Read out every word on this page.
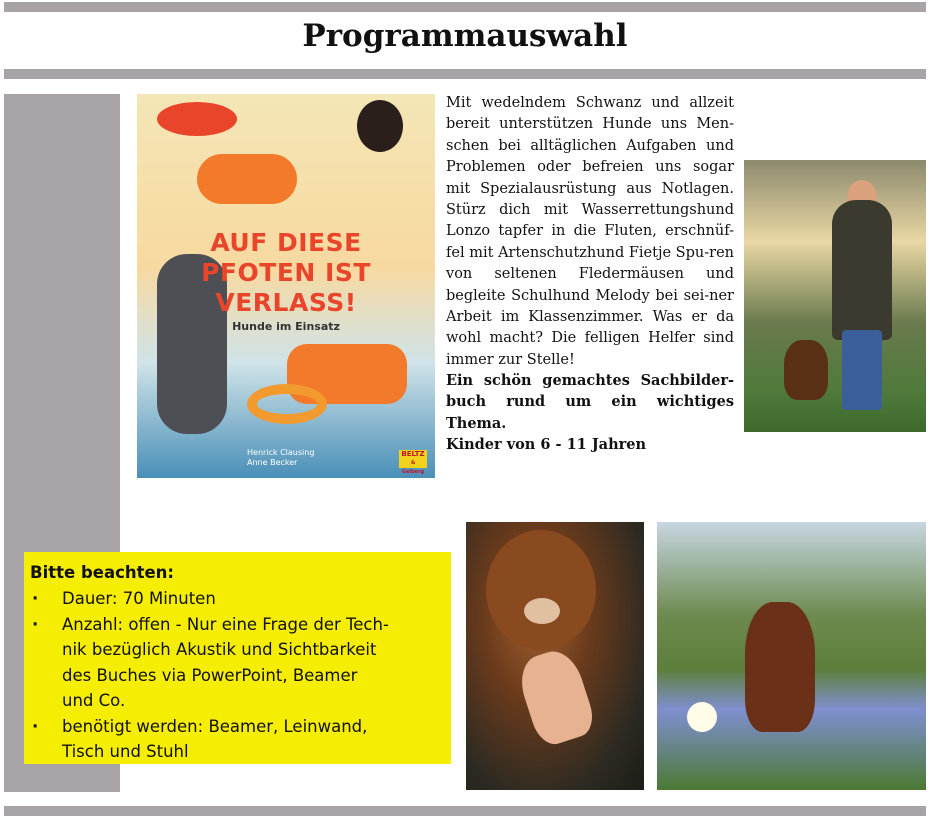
Programmauswahl
AUF DIESE
PFOTEN IST
VERLASS!
Hunde im Einsatz
Henrick Clausing
Anne Becker
BELTZ
& Gelberg

Mit wedelndem Schwanz und allzeit bereit unterstützen Hunde uns Men-schen bei alltäglichen Aufgaben und Problemen oder befreien uns sogar mit Spezialausrüstung aus Notlagen. Stürz dich mit Wasserrettungshund Lonzo tapfer in die Fluten, erschnüf-fel mit Artenschutzhund Fietje Spu-ren von seltenen Fledermäusen und begleite Schulhund Melody bei sei-ner Arbeit im Klassenzimmer. Was er da wohl macht? Die felligen Helfer sind immer zur Stelle!

Ein schön gemachtes Sachbilder-buch rund um ein wichtiges Thema.

Kinder von 6 - 11 Jahren

Bitte beachten:

· Dauer: 70 Minuten
· Anzahl: offen - Nur eine Frage der Tech-
nik bezüglich Akustik und Sichtbarkeit
des Buches via PowerPoint, Beamer
und Co.
· benötigt werden: Beamer, Leinwand,
Tisch und Stuhl
